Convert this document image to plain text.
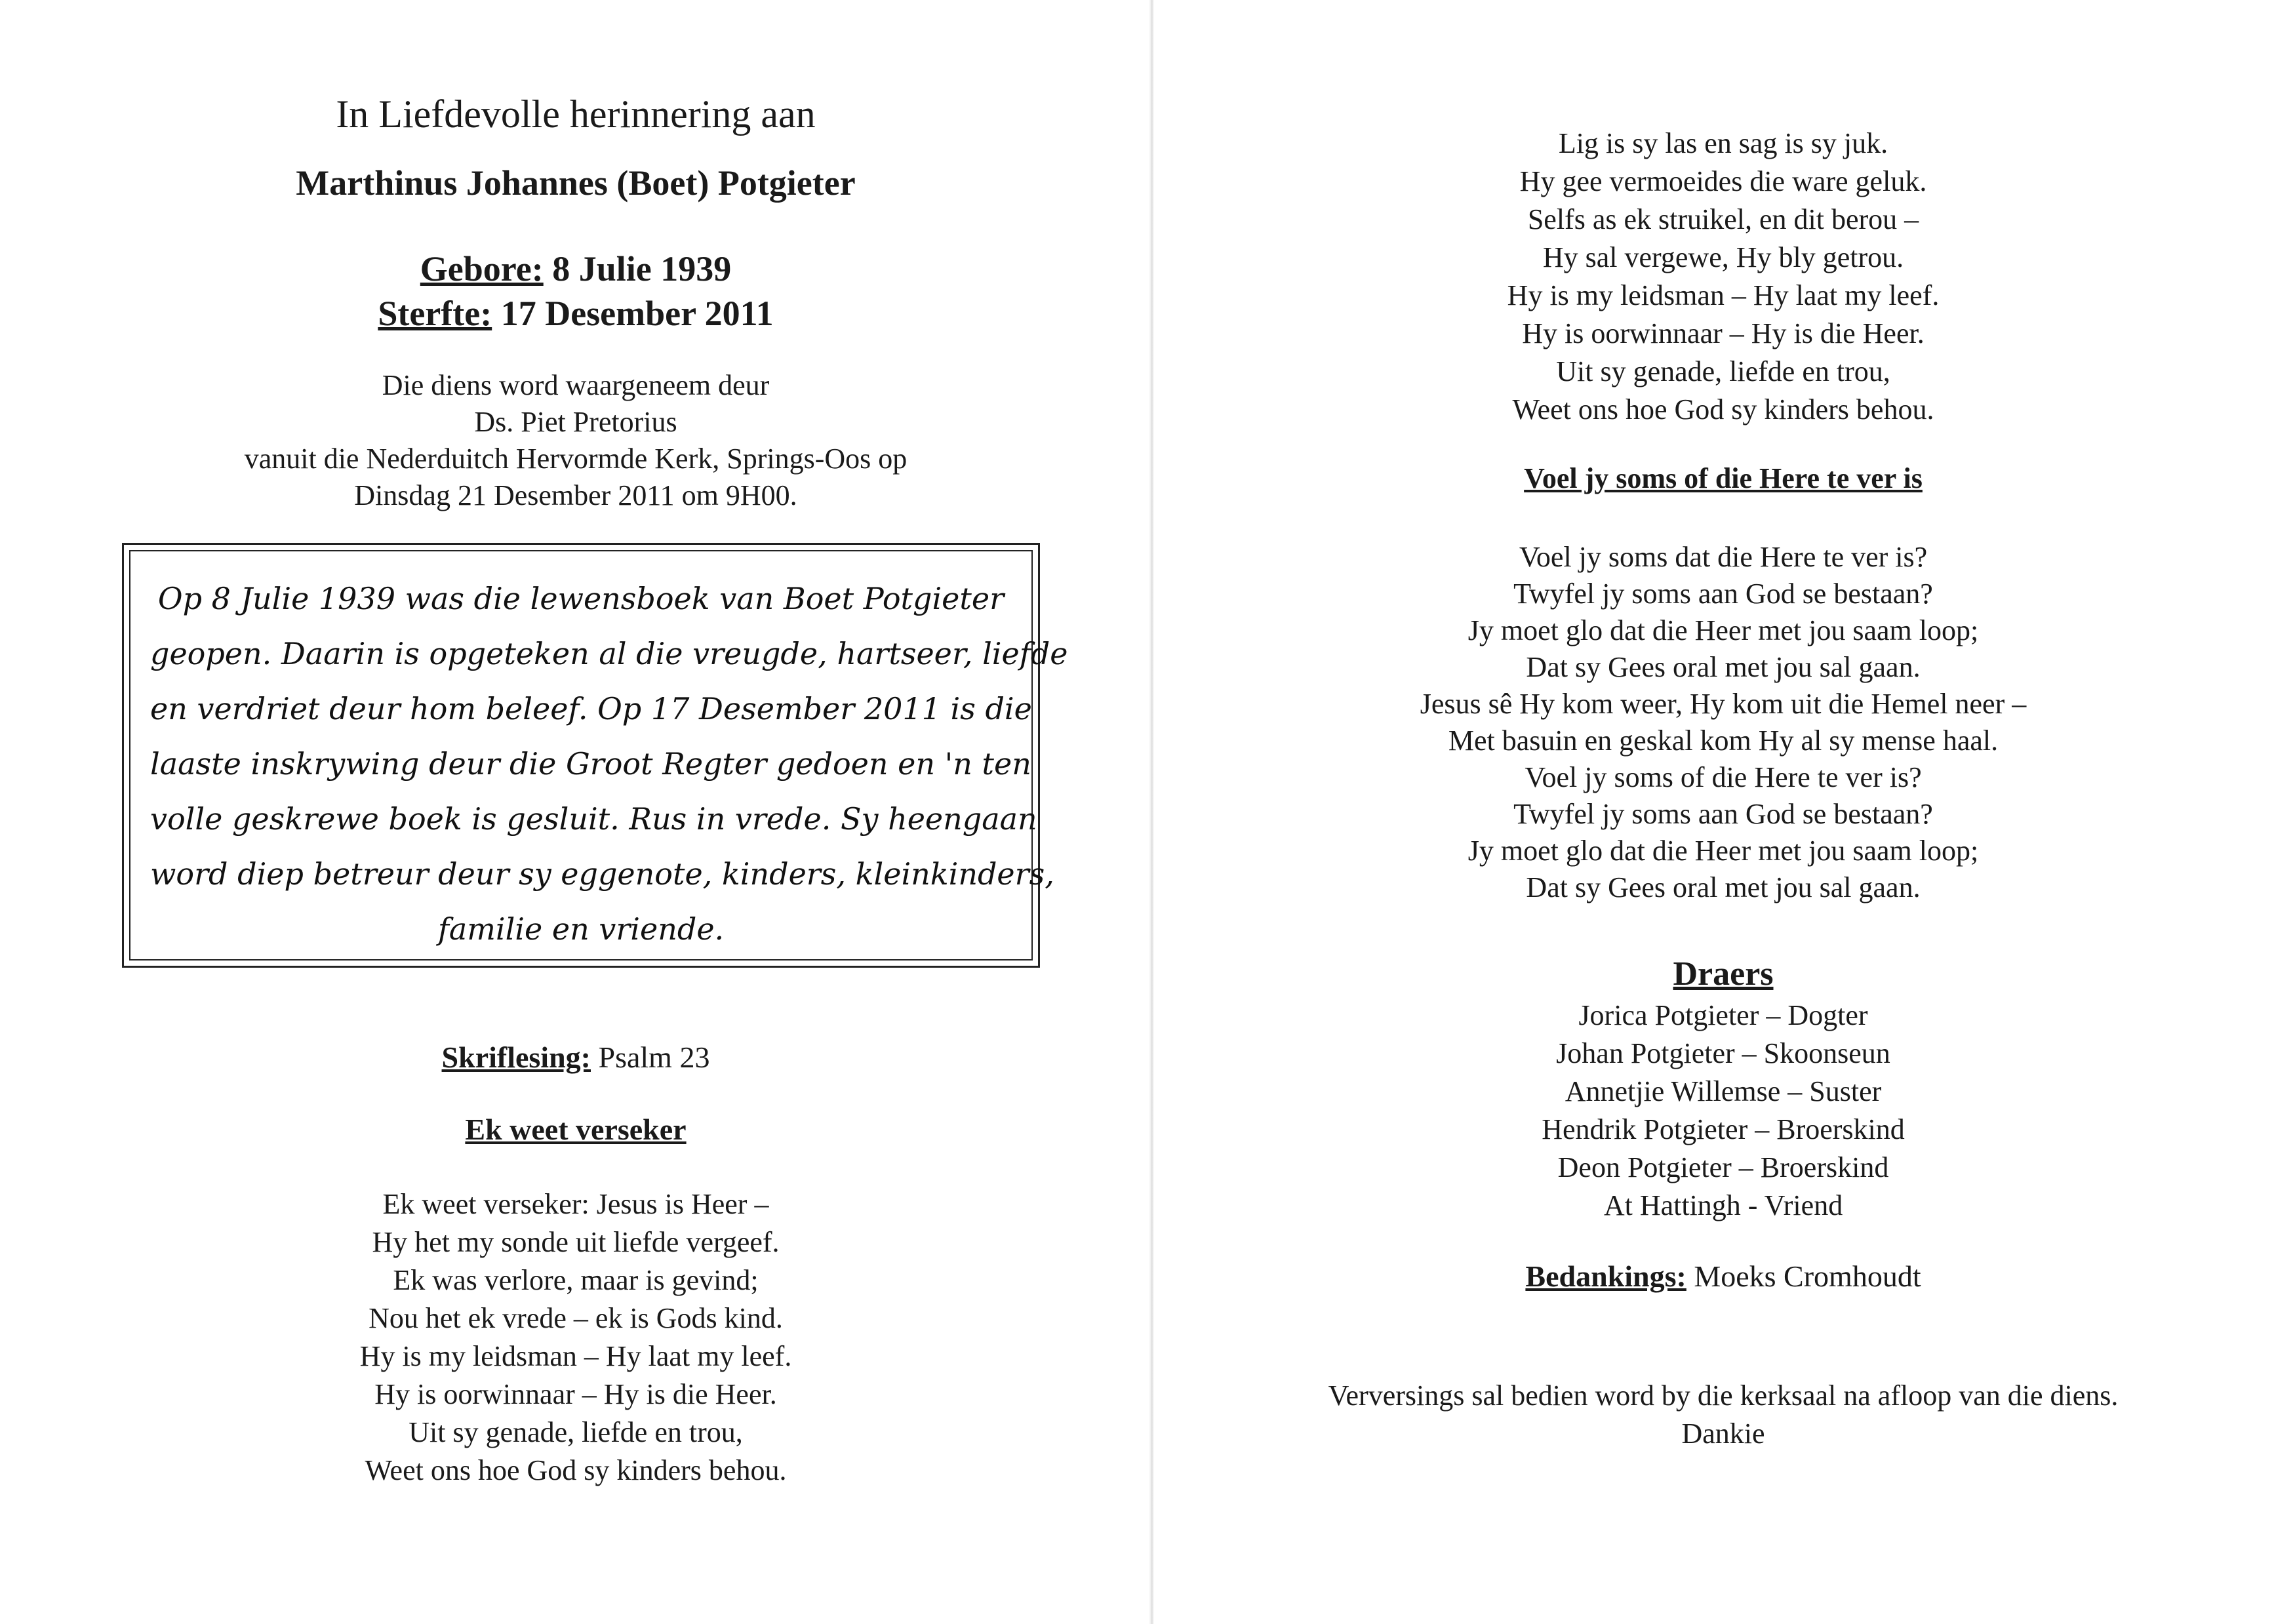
In Liefdevolle herinnering aan
Marthinus Johannes (Boet) Potgieter
Gebore: 8 Julie 1939
Sterfte: 17 Desember 2011
Die diens word waargeneem deur
Ds. Piet Pretorius
vanuit die Nederduitch Hervormde Kerk, Springs-Oos op
Dinsdag 21 Desember 2011 om 9H00.
Op 8 Julie 1939 was die lewensboek van Boet Potgieter
geopen. Daarin is opgeteken al die vreugde, hartseer, liefde
en verdriet deur hom beleef. Op 17 Desember 2011 is die
laaste inskrywing deur die Groot Regter gedoen en 'n ten
volle geskrewe boek is gesluit. Rus in vrede. Sy heengaan
word diep betreur deur sy eggenote, kinders, kleinkinders,
familie en vriende.
Skriflesing: Psalm 23
Ek weet verseker
Ek weet verseker: Jesus is Heer –
Hy het my sonde uit liefde vergeef.
Ek was verlore, maar is gevind;
Nou het ek vrede – ek is Gods kind.
Hy is my leidsman – Hy laat my leef.
Hy is oorwinnaar – Hy is die Heer.
Uit sy genade, liefde en trou,
Weet ons hoe God sy kinders behou.
Lig is sy las en sag is sy juk.
Hy gee vermoeides die ware geluk.
Selfs as ek struikel, en dit berou –
Hy sal vergewe, Hy bly getrou.
Hy is my leidsman – Hy laat my leef.
Hy is oorwinnaar – Hy is die Heer.
Uit sy genade, liefde en trou,
Weet ons hoe God sy kinders behou.
Voel jy soms of die Here te ver is
Voel jy soms dat die Here te ver is?
Twyfel jy soms aan God se bestaan?
Jy moet glo dat die Heer met jou saam loop;
Dat sy Gees oral met jou sal gaan.
Jesus sê Hy kom weer, Hy kom uit die Hemel neer –
Met basuin en geskal kom Hy al sy mense haal.
Voel jy soms of die Here te ver is?
Twyfel jy soms aan God se bestaan?
Jy moet glo dat die Heer met jou saam loop;
Dat sy Gees oral met jou sal gaan.
Draers
Jorica Potgieter – Dogter
Johan Potgieter – Skoonseun
Annetjie Willemse – Suster
Hendrik Potgieter – Broerskind
Deon Potgieter – Broerskind
At Hattingh - Vriend
Bedankings: Moeks Cromhoudt
Verversings sal bedien word by die kerksaal na afloop van die diens.
Dankie
